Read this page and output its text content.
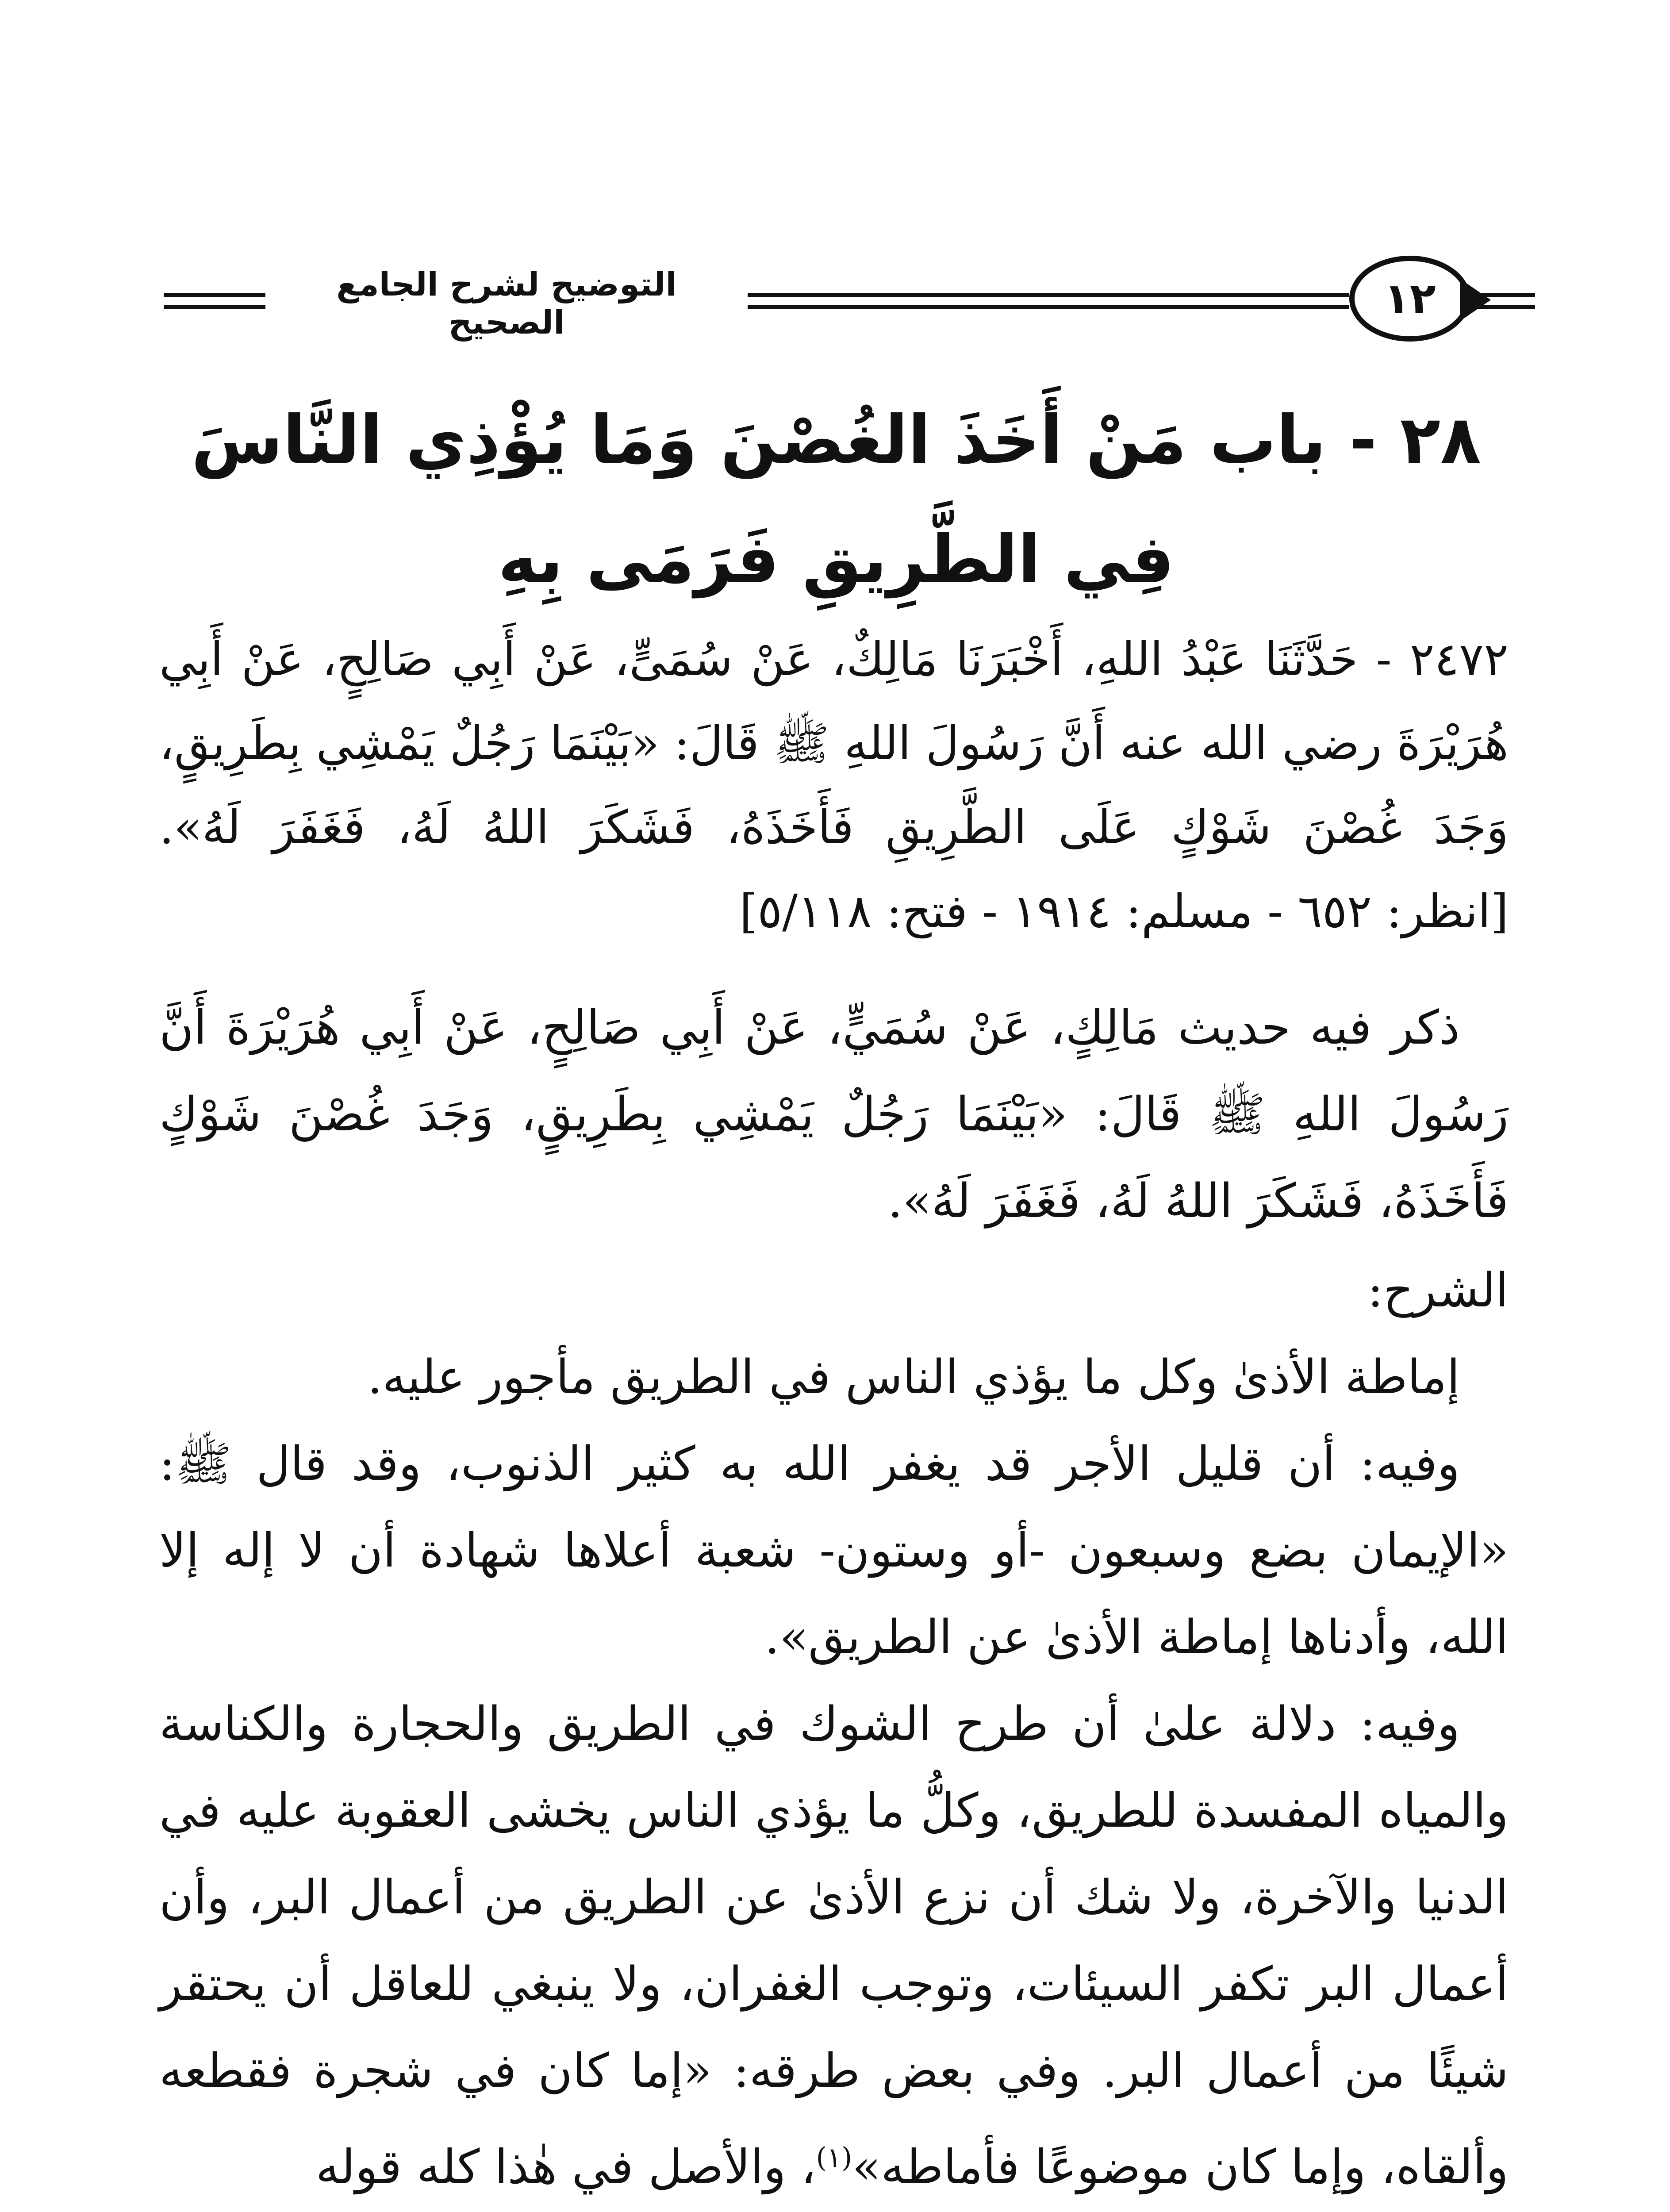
التوضيح لشرح الجامع الصحيح	١٢
٢٨ - باب مَنْ أَخَذَ الغُصْنَ وَمَا يُؤْذِي النَّاسَ
فِي الطَّرِيقِ فَرَمَى بِهِ

٢٤٧٢ - حَدَّثَنَا عَبْدُ اللهِ، أَخْبَرَنَا مَالِكٌ، عَنْ سُمَىٍّ، عَنْ أَبِي صَالِحٍ، عَنْ أَبِي هُرَيْرَةَ رضي الله عنه أَنَّ رَسُولَ اللهِ ﷺ قَالَ: «بَيْنَمَا رَجُلٌ يَمْشِي بِطَرِيقٍ، وَجَدَ غُصْنَ شَوْكٍ عَلَى الطَّرِيقِ فَأَخَذَهُ، فَشَكَرَ اللهُ لَهُ، فَغَفَرَ لَهُ». [انظر: ٦٥٢ - مسلم: ١٩١٤ - فتح: ٥/١١٨]

ذكر فيه حديث مَالِكٍ، عَنْ سُمَيٍّ، عَنْ أَبِي صَالِحٍ، عَنْ أَبِي هُرَيْرَةَ أَنَّ رَسُولَ اللهِ ﷺ قَالَ: «بَيْنَمَا رَجُلٌ يَمْشِي بِطَرِيقٍ، وَجَدَ غُصْنَ شَوْكٍ فَأَخَذَهُ، فَشَكَرَ اللهُ لَهُ، فَغَفَرَ لَهُ».

الشرح:

إماطة الأذىٰ وكل ما يؤذي الناس في الطريق مأجور عليه.

وفيه: أن قليل الأجر قد يغفر الله به كثير الذنوب، وقد قال ﷺ: «الإيمان بضع وسبعون -أو وستون- شعبة أعلاها شهادة أن لا إله إلا الله، وأدناها إماطة الأذىٰ عن الطريق».

وفيه: دلالة علىٰ أن طرح الشوك في الطريق والحجارة والكناسة والمياه المفسدة للطريق، وكلُّ ما يؤذي الناس يخشى العقوبة عليه في الدنيا والآخرة، ولا شك أن نزع الأذىٰ عن الطريق من أعمال البر، وأن أعمال البر تكفر السيئات، وتوجب الغفران، ولا ينبغي للعاقل أن يحتقر شيئًا من أعمال البر. وفي بعض طرقه: «إما كان في شجرة فقطعه وألقاه، وإما كان موضوعًا فأماطه»$^{(١)}$، والأصل في هٰذا كله قوله
